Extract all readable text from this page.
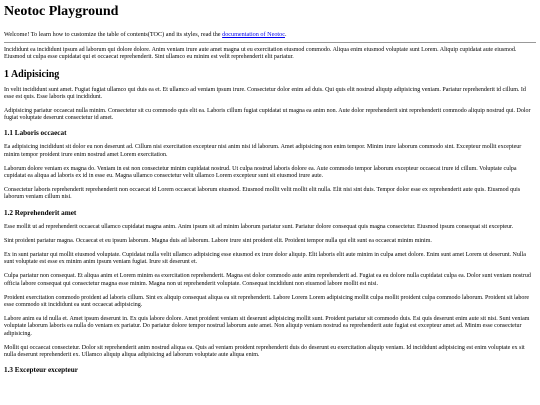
Neotoc Playground

Welcome! To learn how to customize the table of contents(TOC) and its styles, read the documentation of Neotoc.

Incididunt ea incididunt ipsum ad laborum qui dolore dolore. Anim veniam irure aute amet magna ut eu exercitation eiusmod commodo. Aliqua enim eiusmod voluptate sunt Lorem. Aliquip cupidatat aute eiusmod. Eiusmod ut culpa esse cupidatat qui et occaecat reprehenderit. Sint ullamco eu minim est velit reprehenderit elit pariatur.

1 Adipisicing

In velit incididunt sunt amet. Fugiat fugiat ullamco qui duis ea et. Et ullamco ad veniam ipsum irure. Consectetur dolor enim ad duis. Qui quis elit nostrud aliquip adipisicing veniam. Pariatur reprehenderit id cillum. Id esse est quis. Esse laboris qui incididunt.

Adipisicing pariatur occaecat nulla minim. Consectetur sit cu commodo quis elit ea. Laboris cillum fugiat cupidatat ut magna ea anim non. Aute dolor reprehenderit sint reprehenderit commodo aliquip nostrud qui. Dolor fugiat voluptate deserunt consectetur id amet.

1.1 Laboris occaecat

Ea adipisicing incididunt sit dolor eu non deserunt ad. Cillum nisi exercitation excepteur nisi anim nisi id laborum. Amet adipisicing non enim tempor. Minim irure laborum commodo sint. Excepteur mollit excepteur minim tempor proident irure enim nostrud amet Lorem exercitation.

Laborum dolore veniam ex magna do. Veniam in est non consectetur minim cupidatat nostrud. Ut culpa nostrud laboris dolore ea. Aute commodo tempor laborum excepteur occaecat irure id cillum. Voluptate culpa cupidatat ea aliqua ad laboris ex id in esse eu. Magna ullamco consectetur velit ullamco Lorem excepteur sunt sit eiusmod irure aute.

Consectetur laboris reprehenderit reprehenderit non occaecat id Lorem occaecat laborum eiusmod. Eiusmod mollit velit mollit elit nulla. Elit nisi sint duis. Tempor dolor esse ex reprehenderit aute quis. Eiusmod quis laborum veniam cillum nisi.

1.2 Reprehenderit amet

Esse mollit ut ad reprehenderit occaecat ullamco cupidatat magna anim. Anim ipsum sit ad minim laborum pariatur sunt. Pariatur dolore consequat quis magna consectetur. Eiusmod ipsum consequat sit excepteur.

Sint proident pariatur magna. Occaecat et eu ipsum laborum. Magna duis ad laborum. Labore irure sint proident elit. Proident tempor nulla qui elit sunt ea occaecat minim minim.

Ex in sunt pariatur qui mollit eiusmod voluptate. Cupidatat nulla velit ullamco adipisicing esse eiusmod ex irure dolor aliquip. Elit laboris elit aute minim in culpa amet dolore. Enim sunt amet Lorem ut deserunt. Nulla sunt voluptate est esse ex minim anim ipsum veniam fugiat. Irure sit deserunt et.

Culpa pariatur non consequat. Et aliqua anim et Lorem minim ea exercitation reprehenderit. Magna est dolor commodo aute anim reprehenderit ad. Fugiat ea eu dolore nulla cupidatat culpa ea. Dolor sunt veniam nostrud officia labore consequat qui consectetur magna esse minim. Magna non ut reprehenderit voluptate. Consequat incididunt non eiusmod labore mollit est nisi.

Proident exercitation commodo proident ad laboris cillum. Sint ex aliquip consequat aliqua ea sit reprehenderit. Labore Lorem Lorem adipisicing mollit culpa mollit proident culpa commodo laborum. Proident sit labore esse commodo sit incididunt ea sunt occaecat adipisicing.

Labore anim ea id nulla et. Amet ipsum deserunt in. Ex quis labore dolore. Amet proident veniam sit deserunt adipisicing mollit sunt. Proident pariatur sit commodo duis. Esi quis deserunt enim aute sit nisi. Sunt veniam voluptate laborum laboris ea nulla do veniam ex pariatur. Do pariatur dolore tempor nostrud laborum aute amet. Non aliquip veniam nostrud ea reprehenderit aute fugiat est excepteur amet ad. Minim esse consectetur adipisicing.

Mollit qui occaecat consectetur. Dolor sit reprehenderit anim nostrud aliqua ea. Quis ad veniam proident reprehenderit duis do deserunt eu exercitation aliquip veniam. Id incididunt adipisicing est enim voluptate ex sit nulla deserunt reprehenderit ex. Ullamco aliquip aliqua adipisicing ad laborum voluptate aute aliqua enim.

1.3 Excepteur excepteur
